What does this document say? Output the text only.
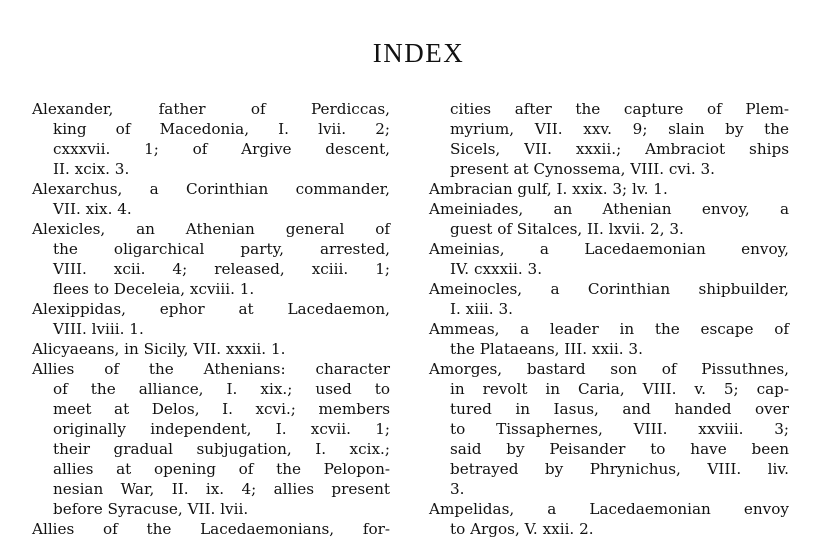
INDEX
Alexander, father of Perdiccas,
king of Macedonia, I. lvii. 2;
cxxxvii. 1; of Argive descent,
II. xcix. 3.
Alexarchus, a Corinthian commander,
VII. xix. 4.
Alexicles, an Athenian general of
the oligarchical party, arrested,
VIII. xcii. 4; released, xciii. 1;
flees to Deceleia, xcviii. 1.
Alexippidas, ephor at Lacedaemon,
VIII. lviii. 1.
Alicyaeans, in Sicily, VII. xxxii. 1.
Allies of the Athenians: character
of the alliance, I. xix.; used to
meet at Delos, I. xcvi.; members
originally independent, I. xcvii. 1;
their gradual subjugation, I. xcix.;
allies at opening of the Pelopon-
nesian War, II. ix. 4; allies present
before Syracuse, VII. lvii.
Allies of the Lacedaemonians, for-
cities after the capture of Plem-
myrium, VII. xxv. 9; slain by the
Sicels, VII. xxxii.; Ambraciot ships
present at Cynossema, VIII. cvi. 3.
Ambracian gulf, I. xxix. 3; lv. 1.
Ameiniades, an Athenian envoy, a
guest of Sitalces, II. lxvii. 2, 3.
Ameinias, a Lacedaemonian envoy,
IV. cxxxii. 3.
Ameinocles, a Corinthian shipbuilder,
I. xiii. 3.
Ammeas, a leader in the escape of
the Plataeans, III. xxii. 3.
Amorges, bastard son of Pissuthnes,
in revolt in Caria, VIII. v. 5; cap-
tured in Iasus, and handed over
to Tissaphernes, VIII. xxviii. 3;
said by Peisander to have been
betrayed by Phrynichus, VIII. liv.
3.
Ampelidas, a Lacedaemonian envoy
to Argos, V. xxii. 2.
